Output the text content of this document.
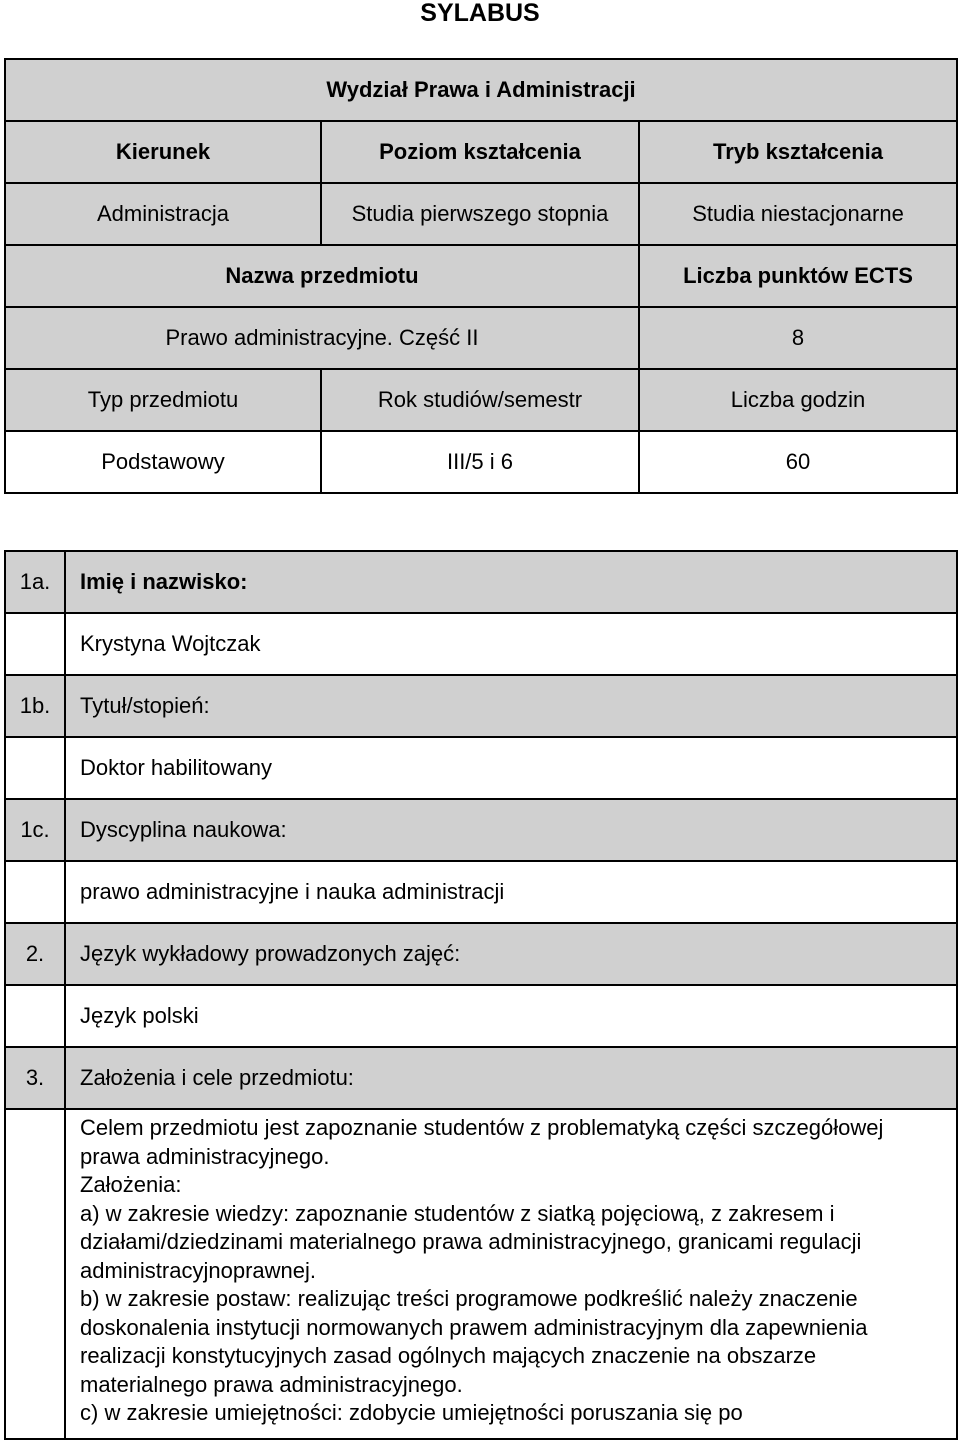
SYLABUS
Wydział Prawa i Administracji		
Kierunek	Poziom kształcenia	Tryb kształcenia
Administracja	Studia pierwszego stopnia	Studia niestacjonarne
Nazwa przedmiotu		Liczba punktów ECTS
Prawo administracyjne. Część II		8
Typ przedmiotu	Rok studiów/semestr	Liczba godzin
Podstawowy	III/5 i 6	60
1a.	Imię i nazwisko:
	Krystyna Wojtczak
1b.	Tytuł/stopień:
	Doktor habilitowany
1c.	Dyscyplina naukowa:
	prawo administracyjne i nauka administracji
2.	Język wykładowy prowadzonych zajęć:
	Język polski
3.	Założenia i cele przedmiotu:

	Celem przedmiotu jest zapoznanie studentów z problematyką części szczegółowej prawa administracyjnego.

Założenia:

a) w zakresie wiedzy: zapoznanie studentów z siatką pojęciową, z zakresem i działami/dziedzinami materialnego prawa administracyjnego, granicami regulacji administracyjnoprawnej.

b) w zakresie postaw: realizując treści programowe podkreślić należy znaczenie doskonalenia instytucji normowanych prawem administracyjnym dla zapewnienia realizacji konstytucyjnych zasad ogólnych mających znaczenie na obszarze materialnego prawa administracyjnego.

c) w zakresie umiejętności: zdobycie umiejętności poruszania się po
